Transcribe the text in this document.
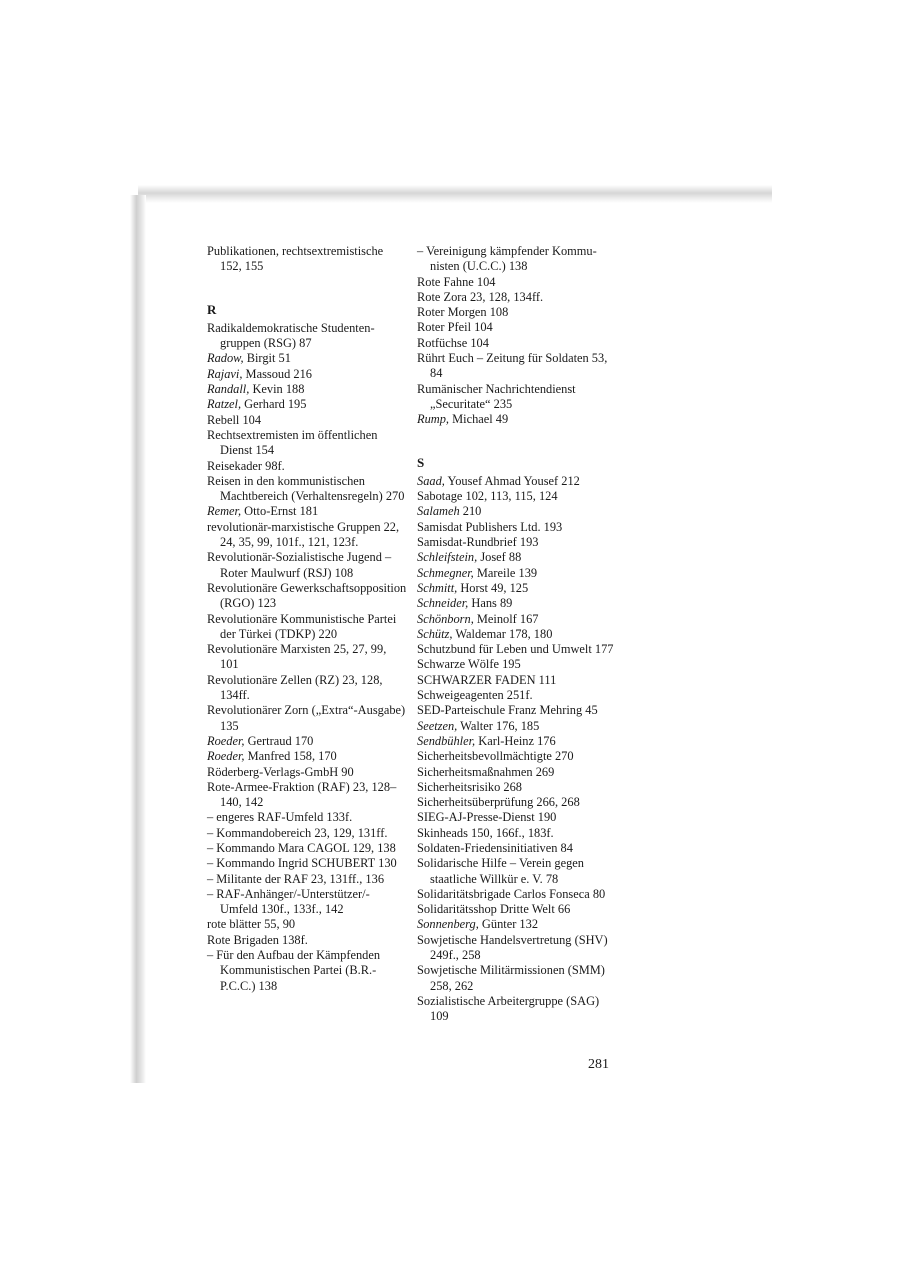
Publikationen, rechtsextremistische 152, 155
R
Radikaldemokratische Studentengruppen (RSG) 87
Radow, Birgit 51
Rajavi, Massoud 216
Randall, Kevin 188
Ratzel, Gerhard 195
Rebell 104
Rechtsextremisten im öffentlichen Dienst 154
Reisekader 98f.
Reisen in den kommunistischen Machtbereich (Verhaltensregeln) 270
Remer, Otto-Ernst 181
revolutionär-marxistische Gruppen 22, 24, 35, 99, 101f., 121, 123f.
Revolutionär-Sozialistische Jugend – Roter Maulwurf (RSJ) 108
Revolutionäre Gewerkschaftsopposition (RGO) 123
Revolutionäre Kommunistische Partei der Türkei (TDKP) 220
Revolutionäre Marxisten 25, 27, 99, 101
Revolutionäre Zellen (RZ) 23, 128, 134ff.
Revolutionärer Zorn („Extra“-Ausgabe) 135
Roeder, Gertraud 170
Roeder, Manfred 158, 170
Röderberg-Verlags-GmbH 90
Rote-Armee-Fraktion (RAF) 23, 128–140, 142
– engeres RAF-Umfeld 133f.
– Kommandobereich 23, 129, 131ff.
– Kommando Mara CAGOL 129, 138
– Kommando Ingrid SCHUBERT 130
– Militante der RAF 23, 131ff., 136
– RAF-Anhänger/-Unterstützer/-Umfeld 130f., 133f., 142
rote blätter 55, 90
Rote Brigaden 138f.
– Für den Aufbau der Kämpfenden Kommunistischen Partei (B.R.-P.C.C.) 138
– Vereinigung kämpfender Kommunisten (U.C.C.) 138
Rote Fahne 104
Rote Zora 23, 128, 134ff.
Roter Morgen 108
Roter Pfeil 104
Rotfüchse 104
Rührt Euch – Zeitung für Soldaten 53, 84
Rumänischer Nachrichtendienst „Securitate“ 235
Rump, Michael 49
S
Saad, Yousef Ahmad Yousef 212
Sabotage 102, 113, 115, 124
Salameh 210
Samisdat Publishers Ltd. 193
Samisdat-Rundbrief 193
Schleifstein, Josef 88
Schmegner, Mareile 139
Schmitt, Horst 49, 125
Schneider, Hans 89
Schönborn, Meinolf 167
Schütz, Waldemar 178, 180
Schutzbund für Leben und Umwelt 177
Schwarze Wölfe 195
SCHWARZER FADEN 111
Schweigeagenten 251f.
SED-Parteischule Franz Mehring 45
Seetzen, Walter 176, 185
Sendbühler, Karl-Heinz 176
Sicherheitsbevollmächtigte 270
Sicherheitsmaßnahmen 269
Sicherheitsrisiko 268
Sicherheitsüberprüfung 266, 268
SIEG-AJ-Presse-Dienst 190
Skinheads 150, 166f., 183f.
Soldaten-Friedensinitiativen 84
Solidarische Hilfe – Verein gegen staatliche Willkür e. V. 78
Solidaritätsbrigade Carlos Fonseca 80
Solidaritätsshop Dritte Welt 66
Sonnenberg, Günter 132
Sowjetische Handelsvertretung (SHV) 249f., 258
Sowjetische Militärmissionen (SMM) 258, 262
Sozialistische Arbeitergruppe (SAG) 109
281
